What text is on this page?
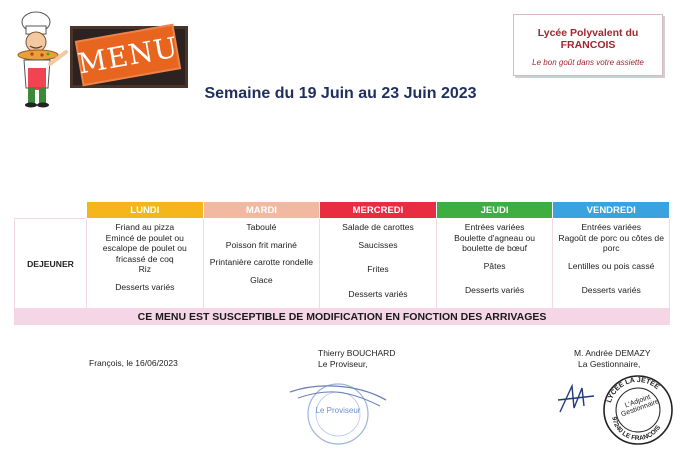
MENU	Lycée Polyvalent du FRANCOIS
Le bon goût dans votre assiette
Semaine du 19 Juin au 23 Juin 2023
	LUNDI	MARDI	MERCREDI	JEUDI	VENDREDI
DEJEUNER	Friand au pizza
Emincé de poulet ou escalope de poulet ou fricassé de coq
Riz
Desserts variés	Taboulé
Poisson frit mariné
Printanière carotte rondelle
Glace	Salade de carottes
Saucisses
Frites
Desserts variés	Entrées variées
Boulette d'agneau ou boulette de bœuf
Pâtes
Desserts variés	Entrées variées
Ragoût de porc ou côtes de porc
Lentilles ou pois cassé
Desserts variés
CE MENU EST SUSCEPTIBLE DE MODIFICATION EN FONCTION DES ARRIVAGES
François, le 16/06/2023
Thierry BOUCHARD
Le Proviseur,
M. Andrée DEMAZY
La Gestionnaire,
Le Proviseur
LYCEE LA JETEE
97240 LE FRANCOIS
L'Adjoint Gestionnaire
